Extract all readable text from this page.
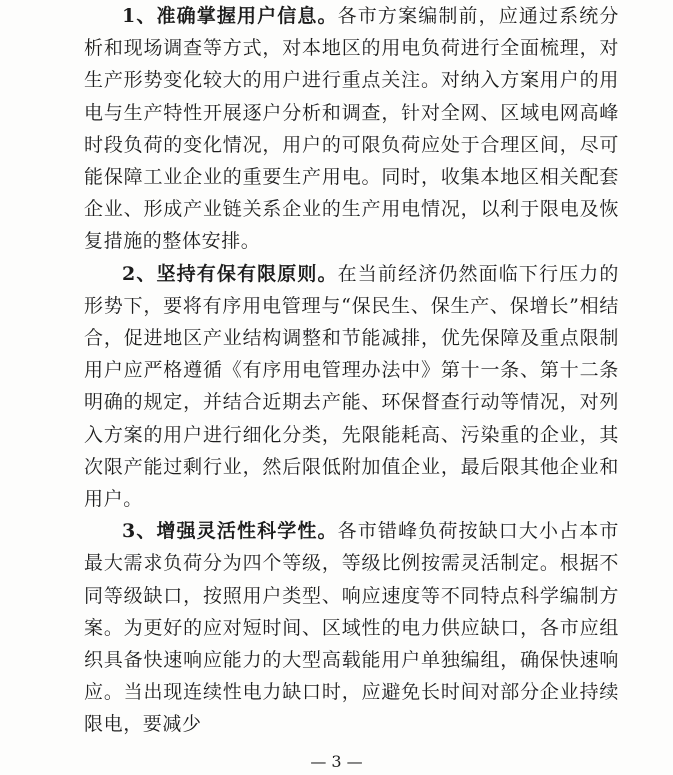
1、准确掌握用户信息。各市方案编制前，应通过系统分析和现场调查等方式，对本地区的用电负荷进行全面梳理，对生产形势变化较大的用户进行重点关注。对纳入方案用户的用电与生产特性开展逐户分析和调查，针对全网、区域电网高峰时段负荷的变化情况，用户的可限负荷应处于合理区间，尽可能保障工业企业的重要生产用电。同时，收集本地区相关配套企业、形成产业链关系企业的生产用电情况，以利于限电及恢复措施的整体安排。

2、坚持有保有限原则。在当前经济仍然面临下行压力的形势下，要将有序用电管理与“保民生、保生产、保增长”相结合，促进地区产业结构调整和节能减排，优先保障及重点限制用户应严格遵循《有序用电管理办法中》第十一条、第十二条明确的规定，并结合近期去产能、环保督查行动等情况，对列入方案的用户进行细化分类，先限能耗高、污染重的企业，其次限产能过剩行业，然后限低附加值企业，最后限其他企业和用户。

3、增强灵活性科学性。各市错峰负荷按缺口大小占本市最大需求负荷分为四个等级，等级比例按需灵活制定。根据不同等级缺口，按照用户类型、响应速度等不同特点科学编制方案。为更好的应对短时间、区域性的电力供应缺口，各市应组织具备快速响应能力的大型高载能用户单独编组，确保快速响应。当出现连续性电力缺口时，应避免长时间对部分企业持续限电，要减少

— 3 —
